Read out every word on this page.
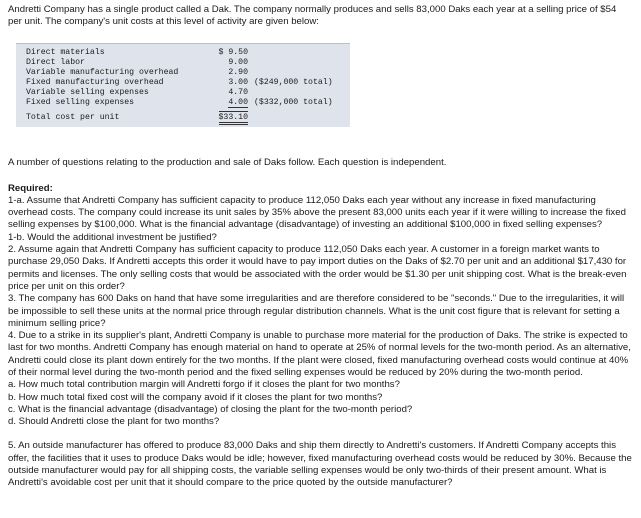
Andretti Company has a single product called a Dak. The company normally produces and sells 83,000 Daks each year at a selling price of $54 per unit. The company's unit costs at this level of activity are given below:

Direct materials	$ 9.50
Direct labor	9.00
Variable manufacturing overhead	2.90
Fixed manufacturing overhead	3.00 ($249,000 total)
Variable selling expenses	4.70
Fixed selling expenses	4.00 ($332,000 total)
Total cost per unit	$33.10

A number of questions relating to the production and sale of Daks follow. Each question is independent.

Required:

1-a. Assume that Andretti Company has sufficient capacity to produce 112,050 Daks each year without any increase in fixed manufacturing overhead costs. The company could increase its unit sales by 35% above the present 83,000 units each year if it were willing to increase the fixed selling expenses by $100,000. What is the financial advantage (disadvantage) of investing an additional $100,000 in fixed selling expenses?

1-b. Would the additional investment be justified?

2. Assume again that Andretti Company has sufficient capacity to produce 112,050 Daks each year. A customer in a foreign market wants to purchase 29,050 Daks. If Andretti accepts this order it would have to pay import duties on the Daks of $2.70 per unit and an additional $17,430 for permits and licenses. The only selling costs that would be associated with the order would be $1.30 per unit shipping cost. What is the break-even price per unit on this order?

3. The company has 600 Daks on hand that have some irregularities and are therefore considered to be "seconds." Due to the irregularities, it will be impossible to sell these units at the normal price through regular distribution channels. What is the unit cost figure that is relevant for setting a minimum selling price?

4. Due to a strike in its supplier's plant, Andretti Company is unable to purchase more material for the production of Daks. The strike is expected to last for two months. Andretti Company has enough material on hand to operate at 25% of normal levels for the two-month period. As an alternative, Andretti could close its plant down entirely for the two months. If the plant were closed, fixed manufacturing overhead costs would continue at 40% of their normal level during the two-month period and the fixed selling expenses would be reduced by 20% during the two-month period.

a. How much total contribution margin will Andretti forgo if it closes the plant for two months?

b. How much total fixed cost will the company avoid if it closes the plant for two months?

c. What is the financial advantage (disadvantage) of closing the plant for the two-month period?

d. Should Andretti close the plant for two months?

5. An outside manufacturer has offered to produce 83,000 Daks and ship them directly to Andretti's customers. If Andretti Company accepts this offer, the facilities that it uses to produce Daks would be idle; however, fixed manufacturing overhead costs would be reduced by 30%. Because the outside manufacturer would pay for all shipping costs, the variable selling expenses would be only two-thirds of their present amount. What is Andretti's avoidable cost per unit that it should compare to the price quoted by the outside manufacturer?
